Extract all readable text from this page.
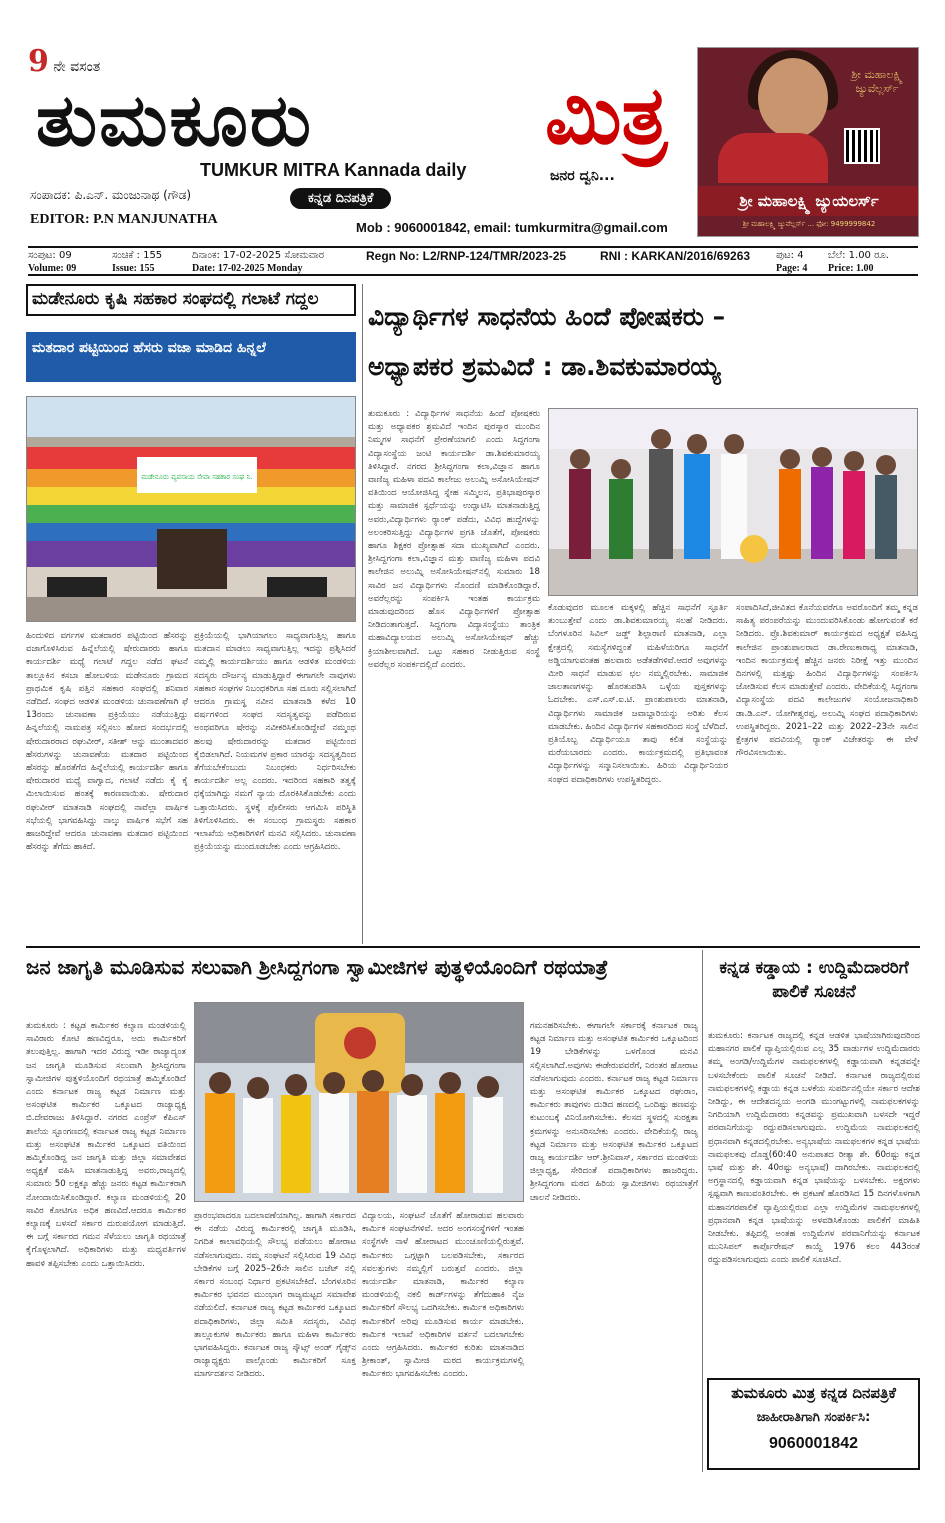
9 ನೇ ವಸಂತ
ತುಮಕೂರು	ಮಿತ್ರ
TUMKUR MITRA Kannada daily	ಜನರ ದ್ವನಿ...
ಸಂಪಾದಕ: ಪಿ.ಎನ್. ಮಂಜುನಾಥ (ಗೌಡ)	ಕನ್ನಡ ದಿನಪತ್ರಿಕೆ
EDITOR: P.N MANJUNATHA
Mob : 9060001842, email: tumkurmitra@gmail.com
ಶ್ರೀ ಮಹಾಲಕ್ಷ್ಮಿ ಜ್ಯುವೆಲ್ಲರ್ಸ್
ಶ್ರೀ ಮಹಾಲಕ್ಷ್ಮಿ ಜ್ಯುಯಲರ್ಸ್
ಶ್ರೀ ಮಹಾಲಕ್ಷ್ಮಿ ಜ್ಯುವೆಲ್ಲರ್ಸ್ ... ಫೋ: 9499999842
ಸಂಪುಟ: 09	ಸಂಚಿಕೆ : 155	ದಿನಾಂಕ: 17-02-2025 ಸೋಮವಾರ	Regn No: L2/RNP-124/TMR/2023-25	RNI : KARKAN/2016/69263	ಪುಟ: 4 ಬೆಲೆ: 1.00 ರೂ.
Volume: 09	Issue: 155	Date: 17-02-2025 Monday	Page: 4 Price: 1.00
ಮಡೇನೂರು ಕೃಷಿ ಸಹಕಾರ ಸಂಘದಲ್ಲಿ ಗಲಾಟೆ ಗದ್ದಲ
ಮತದಾರ ಪಟ್ಟಿಯಿಂದ ಹೆಸರು ವಜಾ ಮಾಡಿದ ಹಿನ್ನಲೆ
ಮಡೇನೂರು ವ್ಯವಸಾಯ ಸೇವಾ ಸಹಕಾರ ಸಂಘ ನಿ.
ಹಿಂದುಳಿದ ವರ್ಗಗಳ ಮತದಾರರ ಪಟ್ಟಿಯಿಂದ ಹೆಸರನ್ನು ವಜಾಗೊಳಿಸಿರುವ ಹಿನ್ನೆಲೆಯಲ್ಲಿ ಷೇರುದಾರರು ಹಾಗೂ ಕಾರ್ಯದರ್ಶಿ ಮಧ್ಯೆ ಗಲಾಟೆ ಗದ್ದಲ ನಡೆದ ಘಟನೆ ತಾಲ್ಲೂಕಿನ ಕಸಬಾ ಹೋಬಳಿಯ ಮಡೇನೂರು ಗ್ರಾಮದ ಪ್ರಾಥಮಿಕ ಕೃಷಿ ಪತ್ತಿನ ಸಹಕಾರ ಸಂಘದಲ್ಲಿ ಶನಿವಾರ ನಡೆದಿದೆ. ಸಂಘದ ಆಡಳಿತ ಮಂಡಳಿಯ ಚುನಾವಣೆಗಾಗಿ ಫೆ 13ರಂದು ಚುನಾವಣಾ ಪ್ರಕ್ರಿಯೆಯು ನಡೆಯುತ್ತಿದ್ದು ಹಿನ್ನಲೆಯಲ್ಲಿ ನಾಮಪತ್ರ ಸಲ್ಲಿಸಲು ಹೋದ ಸಂದರ್ಭದಲ್ಲಿ ಷೇರುದಾರರಾದ ರಘುವೀರ್, ಸತೀಶ್ ಆನ್ನು ಮುಂತಾದವರ ಹೆಸರುಗಳನ್ನು ಚುನಾವಣೆಯ ಮತದಾರ ಪಟ್ಟಿಯಿಂದ ಹೆಸರನ್ನು ಹೊರತೆಗೆದ ಹಿನ್ನೆಲೆಯಲ್ಲಿ ಕಾರ್ಯದರ್ಶಿ ಹಾಗೂ ಷೇರುದಾರರ ಮಧ್ಯೆ ವಾಗ್ವಾದ, ಗಲಾಟೆ ನಡೆದು ಕೈ ಕೈ ಮಿಲಾಯಿಸುವ ಹಂತಕ್ಕೆ ಕಾರಣವಾಯಿತು. ಷೇರುದಾರ ರಘುವೀರ್ ಮಾತನಾಡಿ ಸಂಘದಲ್ಲಿ ನಾವೆಲ್ಲಾ ವಾರ್ಷಿಕ ಸಭೆಯಲ್ಲಿ ಭಾಗವಹಿಸಿದ್ದು ನಾಲ್ಕು ವಾರ್ಷಿಕ ಸಭೆಗೆ ಸಹ ಹಾಜರಿದ್ದೇವೆ ಆದರೂ ಚುನಾವಣಾ ಮತದಾರ ಪಟ್ಟಿಯಿಂದ ಹೆಸರನ್ನು ತೆಗೆದು ಹಾಕಿದೆ.
ಪ್ರಕ್ರಿಯೆಯಲ್ಲಿ ಭಾಗಿಯಾಗಲು ಸಾಧ್ಯವಾಗುತ್ತಿಲ್ಲ ಹಾಗೂ ಮತದಾನ ಮಾಡಲು ಸಾಧ್ಯವಾಗುತ್ತಿಲ್ಲ ಇದನ್ನು ಪ್ರಶ್ನಿಸಿದರೆ ನಮ್ಮಲ್ಲಿ ಕಾರ್ಯದರ್ಶಿಯು ಹಾಗೂ ಆಡಳಿತ ಮಂಡಳಿಯ ಸದಸ್ಯರು ದೌರ್ಜನ್ಯ ಮಾಡುತ್ತಿದ್ದಾರೆ ಈಗಾಗಲೇ ನಾವುಗಳು ಸಹಕಾರ ಸಂಘಗಳ ನಿಬಂಧಕರಿಗೂ ಸಹ ದೂರು ಸಲ್ಲಿಸಲಾಗಿದೆ ಆದರೂ ಗ್ರಾಮಸ್ಥ ನವೀನ ಮಾತನಾಡಿ ಕಳೆದ 10 ವರ್ಷಗಳಿಂದ ಸಂಘದ ಸದಸ್ಯತ್ವವನ್ನು ಪಡೆದಿರುವ ಅಂಥವರಿಗೂ ಷೇರನ್ನು ನವೀಕರಿಸಿಕೊಂಡಿದ್ದೇವೆ ನಮ್ಮಂಥ ಹಲವು ಷೇರುದಾರರನ್ನು ಮತದಾರ ಪಟ್ಟಿಯಿಂದ ಕೈಬಿಡಲಾಗಿದೆ. ನಿಯಮಗಳ ಪ್ರಕಾರ ಯಾರನ್ನು ಸದಸ್ಯತ್ವದಿಂದ ತೆಗೆಯಬೇಕೆಂಬುದು ನಿಬಂಧಕರು ನಿರ್ಧರಿಸಬೇಕು ಕಾರ್ಯದರ್ಶಿ ಅಲ್ಲ ಎಂದರು. ಇದರಿಂದ ಸಹಕಾರಿ ತತ್ವಕ್ಕೆ ಧಕ್ಕೆಯಾಗಿದ್ದು ನಮಗೆ ನ್ಯಾಯ ದೊರಕಿಸಿಕೊಡಬೇಕು ಎಂದು ಒತ್ತಾಯಿಸಿದರು. ಸ್ಥಳಕ್ಕೆ ಪೊಲೀಸರು ಆಗಮಿಸಿ ಪರಿಸ್ಥಿತಿ ತಿಳಿಗೊಳಿಸಿದರು. ಈ ಸಂಬಂಧ ಗ್ರಾಮಸ್ಥರು ಸಹಕಾರ ಇಲಾಖೆಯ ಅಧಿಕಾರಿಗಳಿಗೆ ಮನವಿ ಸಲ್ಲಿಸಿದರು. ಚುನಾವಣಾ ಪ್ರಕ್ರಿಯೆಯನ್ನು ಮುಂದೂಡಬೇಕು ಎಂದು ಆಗ್ರಹಿಸಿದರು.
ವಿದ್ಯಾರ್ಥಿಗಳ ಸಾಧನೆಯ ಹಿಂದೆ ಪೋಷಕರು –
ಅಧ್ಯಾಪಕರ ಶ್ರಮವಿದೆ : ಡಾ.ಶಿವಕುಮಾರಯ್ಯ
ತುಮಕೂರು : ವಿದ್ಯಾರ್ಥಿಗಳ ಸಾಧನೆಯ ಹಿಂದೆ ಪೋಷಕರು ಮತ್ತು ಅಧ್ಯಾಪಕರ ಶ್ರಮವಿದೆ ಇಂದಿನ ಪುರಸ್ಕಾರ ಮುಂದಿನ ನಿಮ್ಮಗಳ ಸಾಧನೆಗೆ ಪ್ರೇರಣೆಯಾಗಲಿ ಎಂದು ಸಿದ್ದಗಂಗಾ ವಿದ್ಯಾಸಂಸ್ಥೆಯ ಜಂಟಿ ಕಾರ್ಯದರ್ಶಿ ಡಾ.ಶಿವಕುಮಾರಯ್ಯ ತಿಳಿಸಿದ್ದಾರೆ. ನಗರದ ಶ್ರೀಸಿದ್ದಗಂಗಾ ಕಲಾ,ವಿಜ್ಞಾನ ಹಾಗೂ ವಾಣಿಜ್ಯ ಮಹಿಳಾ ಪದವಿ ಕಾಲೇಜು ಅಲುಮ್ನಿ ಅಸೋಸಿಯೇಷನ್ ವತಿಯಿಂದ ಆಯೋಜಿಸಿದ್ದ ಸ್ನೇಹ ಸಮ್ಮಿಲನ, ಪ್ರತಿಭಾಪುರಸ್ಕಾರ ಮತ್ತು ಸಾಮಾಜಿಕ ಸ್ಪರ್ಧೆಯನ್ನು ಉದ್ಘಾಟಿಸಿ ಮಾತನಾಡುತ್ತಿದ್ದ ಅವರು,ವಿದ್ಯಾರ್ಥಿಗಳು ರ್‍ಯಾಂಕ್ ಪಡೆದು, ವಿವಿಧ ಹುದ್ದೆಗಳನ್ನು ಅಲಂಕರಿಸುತ್ತಿದ್ದು ವಿದ್ಯಾರ್ಥಿಗಳ ಪ್ರಗತಿ ಜೊತೆಗೆ, ಪೋಷಕರು ಹಾಗೂ ಶಿಕ್ಷಕರ ಪ್ರೋತ್ಸಾಹ ಸದಾ ಮುಖ್ಯವಾಗಿದೆ ಎಂದರು. ಶ್ರೀಸಿದ್ದಗಂಗಾ ಕಲಾ,ವಿಜ್ಞಾನ ಮತ್ತು ವಾಣಿಜ್ಯ ಮಹಿಳಾ ಪದವಿ ಕಾಲೇಜಿನ ಅಲುಮ್ನಿ ಅಸೋಸಿಯೇಷನ್‌ನಲ್ಲಿ ಸುಮಾರು 18 ಸಾವಿರ ಜನ ವಿದ್ಯಾರ್ಥಿಗಳು ನೊಂದಣಿ ಮಾಡಿಕೊಂಡಿದ್ದಾರೆ. ಅವರೆಲ್ಲರನ್ನು ಸಂಪರ್ಕಿಸಿ ಇಂತಹ ಕಾರ್ಯಕ್ರಮ ಮಾಡುವುದರಿಂದ ಹೊಸ ವಿದ್ಯಾರ್ಥಿಗಳಿಗೆ ಪ್ರೋತ್ಸಾಹ ನೀಡಿದಂತಾಗುತ್ತದೆ. ಸಿದ್ದಗಂಗಾ ವಿದ್ಯಾಸಂಸ್ಥೆಯು ತಾಂತ್ರಿಕ ಮಹಾವಿದ್ಯಾಲಯದ ಅಲುಮ್ನಿ ಅಸೋಸಿಯೇಷನ್ ಹೆಚ್ಚು ಕ್ರಿಯಾಶೀಲವಾಗಿದೆ. ಒಟ್ಟು ಸಹಕಾರ ನೀಡುತ್ತಿರುವ ಸಂಸ್ಥೆ ಅವರೆಲ್ಲರ ಸಂಪರ್ಕದಲ್ಲಿದೆ ಎಂದರು.
ಕೊಡುವುದರ ಮೂಲಕ ಮಕ್ಕಳಲ್ಲಿ ಹೆಚ್ಚಿನ ಸಾಧನೆಗೆ ಸ್ಫೂರ್ತಿ ತುಂಬುತ್ತೇವೆ ಎಂದು ಡಾ.ಶಿವಕುಮಾರಯ್ಯ ಸಲಹೆ ನೀಡಿದರು. ಬೆಂಗಳೂರಿನ ಸಿವಿಲ್ ಜಡ್ಜ್ ಶಿಲ್ಪಾರಾಣಿ ಮಾತನಾಡಿ, ಎಲ್ಲಾ ಕ್ಷೇತ್ರದಲ್ಲಿ ಸಮಸ್ಯೆಗಳಿದ್ದಂತೆ ಮಹಿಳೆಯರಿಗೂ ಸಾಧನೆಗೆ ಅಡ್ಡಿಯಾಗುವಂತಹ ಹಲವಾರು ಅಡೆತಡೆಗಳಿವೆ.ಆದರೆ ಅವುಗಳನ್ನು ಮೀರಿ ಸಾಧನೆ ಮಾಡುವ ಛಲ ನಮ್ಮಲ್ಲಿರಬೇಕು. ಸಾಮಾಜಿಕ ಜಾಲತಾಣಗಳನ್ನು ಹೊರತುಪಡಿಸಿ ಒಳ್ಳೆಯ ಪುಸ್ತಕಗಳನ್ನು ಓದಬೇಕು. ಎಸ್.ಎಸ್.ಐ.ಟಿ. ಪ್ರಾಂಶುಪಾಲರು ಮಾತನಾಡಿ, ವಿದ್ಯಾರ್ಥಿಗಳು ಸಾಮಾಜಿಕ ಜವಾಬ್ದಾರಿಯನ್ನು ಅರಿತು ಕೆಲಸ ಮಾಡಬೇಕು. ಹಿಂದಿನ ವಿದ್ಯಾರ್ಥಿಗಳ ಸಹಕಾರದಿಂದ ಸಂಸ್ಥೆ ಬೆಳೆದಿದೆ. ಪ್ರತಿಯೊಬ್ಬ ವಿದ್ಯಾರ್ಥಿಯೂ ತಾವು ಕಲಿತ ಸಂಸ್ಥೆಯನ್ನು ಮರೆಯಬಾರದು ಎಂದರು. ಕಾರ್ಯಕ್ರಮದಲ್ಲಿ ಪ್ರತಿಭಾವಂತ ವಿದ್ಯಾರ್ಥಿಗಳನ್ನು ಸನ್ಮಾನಿಸಲಾಯಿತು. ಹಿರಿಯ ವಿದ್ಯಾರ್ಥಿನಿಯರ ಸಂಘದ ಪದಾಧಿಕಾರಿಗಳು ಉಪಸ್ಥಿತರಿದ್ದರು.
ಸಂಪಾದಿಸಿದೆ,ಜೀವಿತದ ಕೊನೆಯವರೆಗೂ ಅವರೊಂದಿಗೆ ತಮ್ಮ ಕನ್ನಡ ಸಾಹಿತ್ಯ ಪರಂಪರೆಯನ್ನು ಮುಂದುವರಿಸಿಕೊಂಡು ಹೋಗುವಂತೆ ಕರೆ ನೀಡಿದರು. ಪ್ರೊ.ಶಿವಕುಮಾರ್ ಕಾರ್ಯಕ್ರಮದ ಅಧ್ಯಕ್ಷತೆ ವಹಿಸಿದ್ದ ಕಾಲೇಜಿನ ಪ್ರಾಂಶುಪಾಲರಾದ ಡಾ.ರೇಣುಕಾರಾಧ್ಯ ಮಾತನಾಡಿ, ಇಂದಿನ ಕಾರ್ಯಕ್ರಮಕ್ಕೆ ಹೆಚ್ಚಿನ ಜನರು ನಿರೀಕ್ಷೆ ಇತ್ತು ಮುಂದಿನ ದಿನಗಳಲ್ಲಿ ಮತ್ತಷ್ಟು ಹಿಂದಿನ ವಿದ್ಯಾರ್ಥಿಗಳನ್ನು ಸಂಪರ್ಕಿಸಿ ಜೋಡಿಸುವ ಕೆಲಸ ಮಾಡುತ್ತೇವೆ ಎಂದರು. ವೇದಿಕೆಯಲ್ಲಿ ಸಿದ್ದಗಂಗಾ ವಿದ್ಯಾಸಂಸ್ಥೆಯ ಪದವಿ ಕಾಲೇಜುಗಳ ಸಂಯೋಜನಾಧಿಕಾರಿ ಡಾ.ಡಿ.ಎನ್. ಯೋಗೀಶ್ವರಪ್ಪ, ಅಲುಮ್ನಿ ಸಂಘದ ಪದಾಧಿಕಾರಿಗಳು ಉಪಸ್ಥಿತರಿದ್ದರು. 2021–22 ಮತ್ತು 2022–23ನೇ ಸಾಲಿನ ಕ್ಷೇತ್ರಗಳ ಪದವಿಯಲ್ಲಿ ರ್‍ಯಾಂಕ್ ವಿಜೇತರನ್ನು ಈ ವೇಳೆ ಗೌರವಿಸಲಾಯಿತು.
ಜನ ಜಾಗೃತಿ ಮೂಡಿಸುವ ಸಲುವಾಗಿ ಶ್ರೀಸಿದ್ದಗಂಗಾ ಸ್ವಾಮೀಜಿಗಳ ಪುತ್ಥಳಿಯೊಂದಿಗೆ ರಥಯಾತ್ರೆ
ತುಮಕೂರು : ಕಟ್ಟಡ ಕಾರ್ಮಿಕರ ಕಲ್ಯಾಣ ಮಂಡಳಿಯಲ್ಲಿ ಸಾವಿರಾರು ಕೋಟಿ ಹಣವಿದ್ದರೂ, ಅದು ಕಾರ್ಮಿಕರಿಗೆ ತಲುಪುತ್ತಿಲ್ಲ. ಹಾಗಾಗಿ ಇದರ ವಿರುದ್ಧ ಇಡೀ ರಾಜ್ಯಾದ್ಯಂತ ಜನ ಜಾಗೃತಿ ಮೂಡಿಸುವ ಸಲುವಾಗಿ ಶ್ರೀಸಿದ್ದಗಂಗಾ ಸ್ವಾಮೀಜಿಗಳ ಪುತ್ಥಳಿಯೊಂದಿಗೆ ರಥಯಾತ್ರೆ ಹಮ್ಮಿಕೊಂಡಿದೆ ಎಂದು ಕರ್ನಾಟಕ ರಾಜ್ಯ ಕಟ್ಟಡ ನಿರ್ಮಾಣ ಮತ್ತು ಅಸಂಘಟಿತ ಕಾರ್ಮಿಕರ ಒಕ್ಕೂಟದ ರಾಜ್ಯಾಧ್ಯಕ್ಷ ಬಿ.ದೇವರಾಜು ತಿಳಿಸಿದ್ದಾರೆ. ನಗರದ ಎಂಪ್ರೆಸ್ ಕೆಪಿಎಸ್ ಶಾಲೆಯ ಸ್ಟೂಂಗಣದಲ್ಲಿ ಕರ್ನಾಟಕ ರಾಜ್ಯ ಕಟ್ಟಡ ನಿರ್ಮಾಣ ಮತ್ತು ಅಸಂಘಟಿತ ಕಾರ್ಮಿಕರ ಒಕ್ಕೂಟದ ವತಿಯಿಂದ ಹಮ್ಮಿಕೊಂಡಿದ್ದ ಜನ ಜಾಗೃತಿ ಮತ್ತು ಜಿಲ್ಲಾ ಸಮಾವೇಶದ ಅಧ್ಯಕ್ಷತೆ ವಹಿಸಿ ಮಾತನಾಡುತ್ತಿದ್ದ ಅವರು,ರಾಜ್ಯದಲ್ಲಿ ಸುಮಾರು 50 ಲಕ್ಷಕ್ಕೂ ಹೆಚ್ಚು ಜನರು ಕಟ್ಟಡ ಕಾರ್ಮಿಕರಾಗಿ ನೋಂದಾಯಿಸಿಕೊಂಡಿದ್ದಾರೆ. ಕಲ್ಯಾಣ ಮಂಡಳಿಯಲ್ಲಿ 20 ಸಾವಿರ ಕೋಟಿಗೂ ಅಧಿಕ ಹಣವಿದೆ.ಆದರೂ ಕಾರ್ಮಿಕರ ಕಲ್ಯಾಣಕ್ಕೆ ಬಳಸದೆ ಸರ್ಕಾರ ದುರುಪಯೋಗ ಮಾಡುತ್ತಿದೆ. ಈ ಬಗ್ಗೆ ಸರ್ಕಾರದ ಗಮನ ಸೆಳೆಯಲು ಜಾಗೃತಿ ರಥಯಾತ್ರೆ ಕೈಗೊಳ್ಳಲಾಗಿದೆ. ಅಧಿಕಾರಿಗಳು ಮತ್ತು ಮಧ್ಯವರ್ತಿಗಳ ಹಾವಳಿ ತಪ್ಪಿಸಬೇಕು ಎಂದು ಒತ್ತಾಯಿಸಿದರು.
ಪ್ರಾರಂಭವಾದರೂ ಬದಲಾವಣೆಯಾಗಿಲ್ಲ. ಹಾಗಾಗಿ ಸರ್ಕಾರದ ಈ ನಡೆಯ ವಿರುದ್ಧ ಕಾರ್ಮಿಕರಲ್ಲಿ ಜಾಗೃತಿ ಮೂಡಿಸಿ, ನಿಗದಿತ ಕಾಲಾವಧಿಯಲ್ಲಿ ಸೌಲಭ್ಯ ಪಡೆಯಲು ಹೋರಾಟ ನಡೆಸಲಾಗುವುದು. ನಮ್ಮ ಸಂಘಟನೆ ಸಲ್ಲಿಸಿರುವ 19 ವಿವಿಧ ಬೇಡಿಕೆಗಳ ಬಗ್ಗೆ 2025–26ನೇ ಸಾಲಿನ ಬಜೆಟ್ ನಲ್ಲಿ ಸರ್ಕಾರ ಸಂಬಂಧ ನಿರ್ಧಾರ ಪ್ರಕಟಿಸಬೇಕಿದೆ. ಬೆಂಗಳೂರಿನ ಕಾರ್ಮಿಕರ ಭವನದ ಮುಂಭಾಗ ರಾಜ್ಯಮಟ್ಟದ ಸಮಾವೇಶ ನಡೆಯಲಿದೆ. ಕರ್ನಾಟಕ ರಾಜ್ಯ ಕಟ್ಟಡ ಕಾರ್ಮಿಕರ ಒಕ್ಕೂಟದ ಪದಾಧಿಕಾರಿಗಳು, ಜಿಲ್ಲಾ ಸಮಿತಿ ಸದಸ್ಯರು, ವಿವಿಧ ತಾಲ್ಲೂಕುಗಳ ಕಾರ್ಮಿಕರು ಹಾಗೂ ಮಹಿಳಾ ಕಾರ್ಮಿಕರು ಭಾಗವಹಿಸಿದ್ದರು. ಕರ್ನಾಟಕ ರಾಜ್ಯ ಸ್ಕೌಟ್ಸ್ ಅಂಡ್ ಗೈಡ್ಸ್‌ನ ರಾಜ್ಯಾಧ್ಯಕ್ಷರು ಪಾಲ್ಗೊಂಡು ಕಾರ್ಮಿಕರಿಗೆ ಸೂಕ್ತ ಮಾರ್ಗದರ್ಶನ ನೀಡಿದರು.
ವಿದ್ಯಾಲಯ, ಸಂಘಟನೆ ಜೊತೆಗೆ ಹೋರಾಡುವ ಹಲವಾರು ಕಾರ್ಮಿಕ ಸಂಘಟನೆಗಳಿವೆ. ಅದರ ಅಂಗಸಂಸ್ಥೆಗಳಿಗೆ ಇಂತಹ ಸಂಸ್ಥೆಗಳೇ ನಾಳೆ ಹೋರಾಟದ ಮುಂಚೂಣಿಯಲ್ಲಿರುತ್ತವೆ. ಕಾರ್ಮಿಕರು ಒಗ್ಗಟ್ಟಾಗಿ ಬಲಪಡಿಸಬೇಕು, ಸರ್ಕಾರದ ಸವಲತ್ತುಗಳು ನಮ್ಮಲ್ಲಿಗೆ ಬರುತ್ತವೆ ಎಂದರು. ಜಿಲ್ಲಾ ಕಾರ್ಯದರ್ಶಿ ಮಾತನಾಡಿ, ಕಾರ್ಮಿಕರ ಕಲ್ಯಾಣ ಮಂಡಳಿಯಲ್ಲಿ ನಕಲಿ ಕಾರ್ಡ್‌ಗಳನ್ನು ತೆಗೆದುಹಾಕಿ ನೈಜ ಕಾರ್ಮಿಕರಿಗೆ ಸೌಲಭ್ಯ ಒದಗಿಸಬೇಕು. ಕಾರ್ಮಿಕ ಅಧಿಕಾರಿಗಳು ಕಾರ್ಮಿಕರಿಗೆ ಅರಿವು ಮೂಡಿಸುವ ಕಾರ್ಯ ಮಾಡಬೇಕು. ಕಾರ್ಮಿಕ ಇಲಾಖೆ ಅಧಿಕಾರಿಗಳ ವರ್ತನೆ ಬದಲಾಗಬೇಕು ಎಂದು ಆಗ್ರಹಿಸಿದರು. ಕಾರ್ಮಿಕರ ಕುರಿತು ಮಾತನಾಡಿದ ಶ್ರೀಕಾಂತ್, ಸ್ವಾಮೀಜಿ ಮಠದ ಕಾರ್ಯಕ್ರಮಗಳಲ್ಲಿ ಕಾರ್ಮಿಕರು ಭಾಗವಹಿಸಬೇಕು ಎಂದರು.
ಗಮನಹರಿಸಬೇಕು. ಈಗಾಗಲೇ ಸರ್ಕಾರಕ್ಕೆ ಕರ್ನಾಟಕ ರಾಜ್ಯ ಕಟ್ಟಡ ನಿರ್ಮಾಣ ಮತ್ತು ಅಸಂಘಟಿತ ಕಾರ್ಮಿಕರ ಒಕ್ಕೂಟದಿಂದ 19 ಬೇಡಿಕೆಗಳನ್ನು ಒಳಗೊಂಡ ಮನವಿ ಸಲ್ಲಿಸಲಾಗಿದೆ.ಅವುಗಳು ಈಡೇರುವವರೆಗೆ, ನಿರಂತರ ಹೋರಾಟ ನಡೆಸಲಾಗುವುದು ಎಂದರು. ಕರ್ನಾಟಕ ರಾಜ್ಯ ಕಟ್ಟಡ ನಿರ್ಮಾಣ ಮತ್ತು ಅಸಂಘಟಿತ ಕಾರ್ಮಿಕರ ಒಕ್ಕೂಟದ ರಘುರಾಂ, ಕಾರ್ಮಿಕರು ತಾವುಗಳು ದುಡಿದ ಹಣದಲ್ಲಿ ಒಂದಿಷ್ಟು ಹಣವನ್ನು ಕುಟುಂಬಕ್ಕೆ ವಿನಿಯೋಗಿಸಬೇಕು. ಕೆಲಸದ ಸ್ಥಳದಲ್ಲಿ ಸುರಕ್ಷತಾ ಕ್ರಮಗಳನ್ನು ಅನುಸರಿಸಬೇಕು ಎಂದರು. ವೇದಿಕೆಯಲ್ಲಿ ರಾಜ್ಯ ಕಟ್ಟಡ ನಿರ್ಮಾಣ ಮತ್ತು ಅಸಂಘಟಿತ ಕಾರ್ಮಿಕರ ಒಕ್ಕೂಟದ ರಾಜ್ಯ ಕಾರ್ಯದರ್ಶಿ ಆರ್.ಶ್ರೀನಿವಾಸ್, ಸರ್ಕಾರದ ಮಂಡಳಿಯ ಜಿಲ್ಲಾಧ್ಯಕ್ಷ, ಸೇರಿದಂತೆ ಪದಾಧಿಕಾರಿಗಳು ಹಾಜರಿದ್ದರು. ಶ್ರೀಸಿದ್ದಗಂಗಾ ಮಠದ ಹಿರಿಯ ಸ್ವಾಮೀಜಿಗಳು ರಥಯಾತ್ರೆಗೆ ಚಾಲನೆ ನೀಡಿದರು.
ಕನ್ನಡ ಕಡ್ಡಾಯ : ಉದ್ದಿಮೆದಾರರಿಗೆ ಪಾಲಿಕೆ ಸೂಚನೆ
ತುಮಕೂರು: ಕರ್ನಾಟಕ ರಾಜ್ಯದಲ್ಲಿ ಕನ್ನಡ ಆಡಳಿತ ಭಾಷೆಯಾಗಿರುವುದರಿಂದ ಮಹಾನಗರ ಪಾಲಿಕೆ ವ್ಯಾಪ್ತಿಯಲ್ಲಿರುವ ಎಲ್ಲ 35 ವಾರ್ಡುಗಳ ಉದ್ದಿಮೆದಾರರು ತಮ್ಮ ಅಂಗಡಿ/ಉದ್ದಿಮೆಗಳ ನಾಮಫಲಕಗಳಲ್ಲಿ ಕಡ್ಡಾಯವಾಗಿ ಕನ್ನಡವನ್ನೇ ಬಳಸಬೇಕೆಂದು ಪಾಲಿಕೆ ಸೂಚನೆ ನೀಡಿದೆ. ಕರ್ನಾಟಕ ರಾಜ್ಯದಲ್ಲಿರುವ ನಾಮಫಲಕಗಳಲ್ಲಿ ಕಡ್ಡಾಯ ಕನ್ನಡ ಬಳಕೆಯ ಸುಪರ್ದಿನಲ್ಲಿಯೇ ಸರ್ಕಾರ ಆದೇಶ ನೀಡಿದ್ದು, ಈ ಆದೇಶದನ್ವಯ ಅಂಗಡಿ ಮುಂಗಟ್ಟುಗಳಲ್ಲಿ ನಾಮಫಲಕಗಳನ್ನು ನಿಗದಿಯಾಗಿ ಉದ್ದಿಮೆದಾರರು ಕನ್ನಡವನ್ನು ಪ್ರಮುಖವಾಗಿ ಬಳಸದೇ ಇದ್ದರೆ ಪರವಾನಿಗೆಯನ್ನು ರದ್ದುಪಡಿಸಲಾಗುವುದು. ಉದ್ದಿಮೆಯ ನಾಮಫಲಕದಲ್ಲಿ ಪ್ರಧಾನವಾಗಿ ಕನ್ನಡದಲ್ಲಿರಬೇಕು. ಅನ್ಯಭಾಷೆಯ ನಾಮಫಲಕಗಳ ಕನ್ನಡ ಭಾಷೆಯ ನಾಮಫಲಕವು ದೊಡ್ಡ(60:40 ಅನುಪಾತದ ರೀತ್ಯಾ ಶೇ. 60ರಷ್ಟು ಕನ್ನಡ ಭಾಷೆ ಮತ್ತು ಶೇ. 40ರಷ್ಟು ಅನ್ಯಭಾಷೆ) ದಾಗಿರಬೇಕು. ನಾಮಫಲಕದಲ್ಲಿ ಅಗ್ರಸ್ಥಾನದಲ್ಲಿ ಕಡ್ಡಾಯವಾಗಿ ಕನ್ನಡ ಭಾಷೆಯನ್ನು ಬಳಸಬೇಕು. ಅಕ್ಷರಗಳು ಸ್ಪಷ್ಟವಾಗಿ ಕಾಣುವಂತಿರಬೇಕು. ಈ ಪ್ರಕಟಣೆ ಹೊರಡಿಸಿದ 15 ದಿನಗಳೊಳಗಾಗಿ ಮಹಾನಗರಪಾಲಿಕೆ ವ್ಯಾಪ್ತಿಯಲ್ಲಿರುವ ಎಲ್ಲಾ ಉದ್ದಿಮೆಗಳ ನಾಮಫಲಕಗಳಲ್ಲಿ ಪ್ರಧಾನವಾಗಿ ಕನ್ನಡ ಭಾಷೆಯನ್ನು ಅಳವಡಿಸಿಕೊಂಡು ಪಾಲಿಕೆಗೆ ಮಾಹಿತಿ ನೀಡಬೇಕು. ತಪ್ಪಿದಲ್ಲಿ ಅಂತಹ ಉದ್ದಿಮೆಗಳ ಪರವಾನಿಗೆಯನ್ನು ಕರ್ನಾಟಕ ಮುನಿಸಿಪಲ್ ಕಾರ್ಪೊರೇಷನ್ ಕಾಯ್ದೆ 1976 ಕಲಂ 443ರಂತೆ ರದ್ದುಪಡಿಸಲಾಗುವುದು ಎಂದು ಪಾಲಿಕೆ ಸೂಚಿಸಿದೆ.
ತುಮಕೂರು ಮಿತ್ರ ಕನ್ನಡ ದಿನಪತ್ರಿಕೆ
ಜಾಹೀರಾತಿಗಾಗಿ ಸಂಪರ್ಕಿಸಿ:
9060001842
